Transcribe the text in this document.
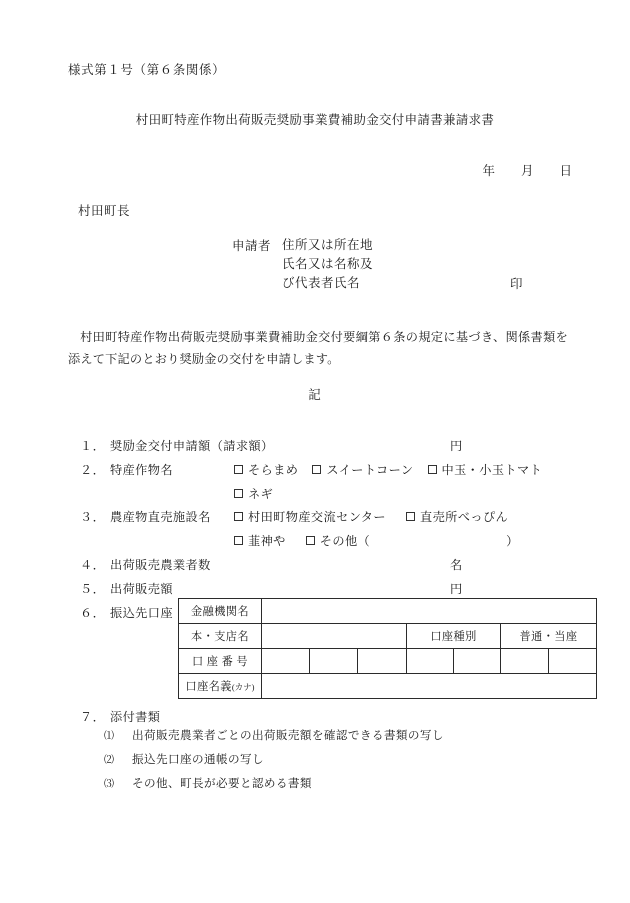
様式第１号（第６条関係）
村田町特産作物出荷販売奨励事業費補助金交付申請書兼請求書
年 月 日
村田町長
申請者 住所又は所在地
氏名又は名称及
び代表者氏名	印
村田町特産作物出荷販売奨励事業費補助金交付要綱第６条の規定に基づき、関係書類を添えて下記のとおり奨励金の交付を申請します。
記
１． 奨励金交付申請額（請求額）	円
２． 特産作物名	そらまめ スイートコーン 中玉・小玉トマト
ネギ
３． 農産物直売施設名	村田町物産交流センター	直売所べっぴん
韮神や	その他（	）
４． 出荷販売農業者数	名
５． 出荷販売額	円
６． 振込先口座 金融機関名							
本・支店名				口座種別		普通・当座	
口 座 番 号							
口座名義(カナ)							
７． 添付書類
⑴ 出荷販売農業者ごとの出荷販売額を確認できる書類の写し
⑵ 振込先口座の通帳の写し
⑶ その他、町長が必要と認める書類
